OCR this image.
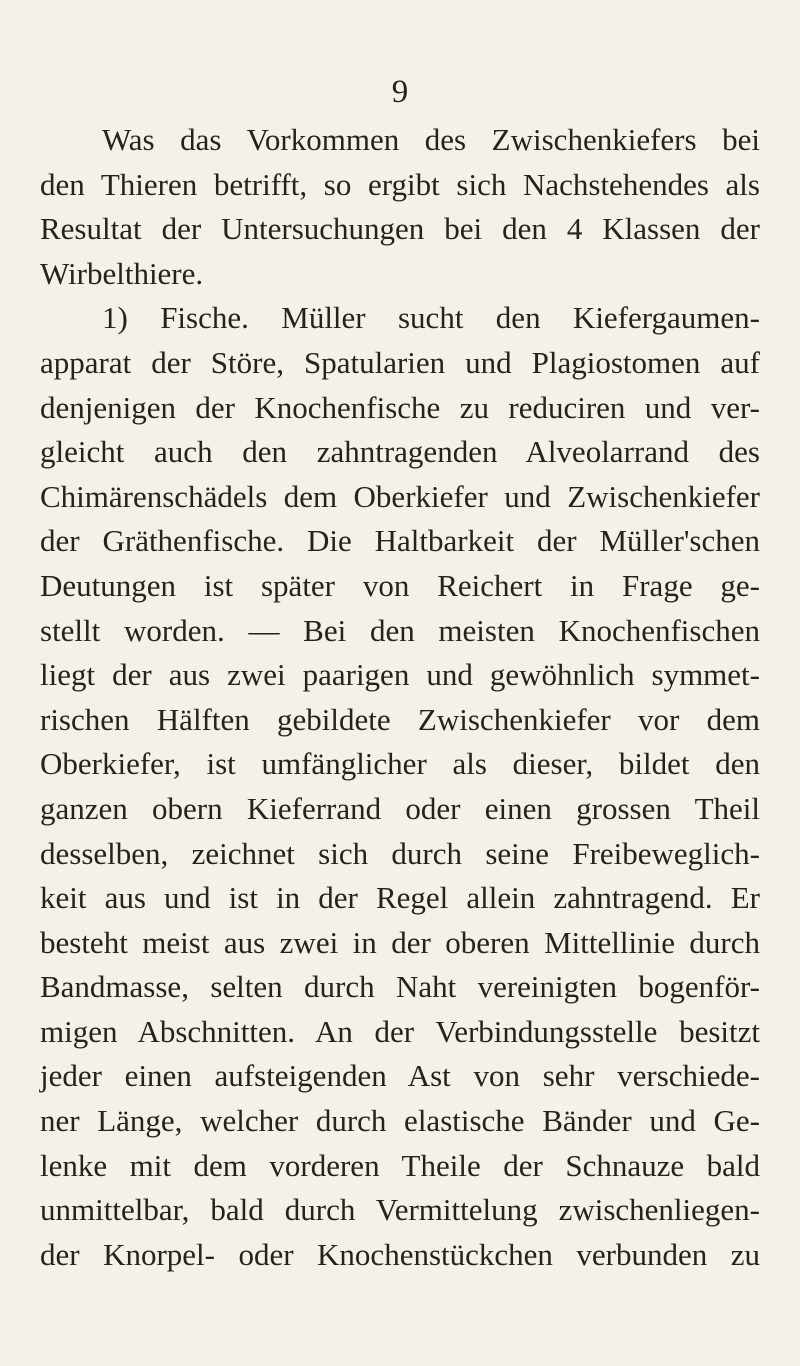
9
Was das Vorkommen des Zwischenkiefers bei
den Thieren betrifft, so ergibt sich Nachstehendes als
Resultat der Untersuchungen bei den 4 Klassen der
Wirbelthiere.
1) Fische. Müller sucht den Kiefergaumen-
apparat der Störe, Spatularien und Plagiostomen auf
denjenigen der Knochenfische zu reduciren und ver-
gleicht auch den zahntragenden Alveolarrand des
Chimärenschädels dem Oberkiefer und Zwischenkiefer
der Gräthenfische. Die Haltbarkeit der Müller'schen
Deutungen ist später von Reichert in Frage ge-
stellt worden. — Bei den meisten Knochenfischen
liegt der aus zwei paarigen und gewöhnlich symmet-
rischen Hälften gebildete Zwischenkiefer vor dem
Oberkiefer, ist umfänglicher als dieser, bildet den
ganzen obern Kieferrand oder einen grossen Theil
desselben, zeichnet sich durch seine Freibeweglich-
keit aus und ist in der Regel allein zahntragend. Er
besteht meist aus zwei in der oberen Mittellinie durch
Bandmasse, selten durch Naht vereinigten bogenför-
migen Abschnitten. An der Verbindungsstelle besitzt
jeder einen aufsteigenden Ast von sehr verschiede-
ner Länge, welcher durch elastische Bänder und Ge-
lenke mit dem vorderen Theile der Schnauze bald
unmittelbar, bald durch Vermittelung zwischenliegen-
der Knorpel- oder Knochenstückchen verbunden zu
